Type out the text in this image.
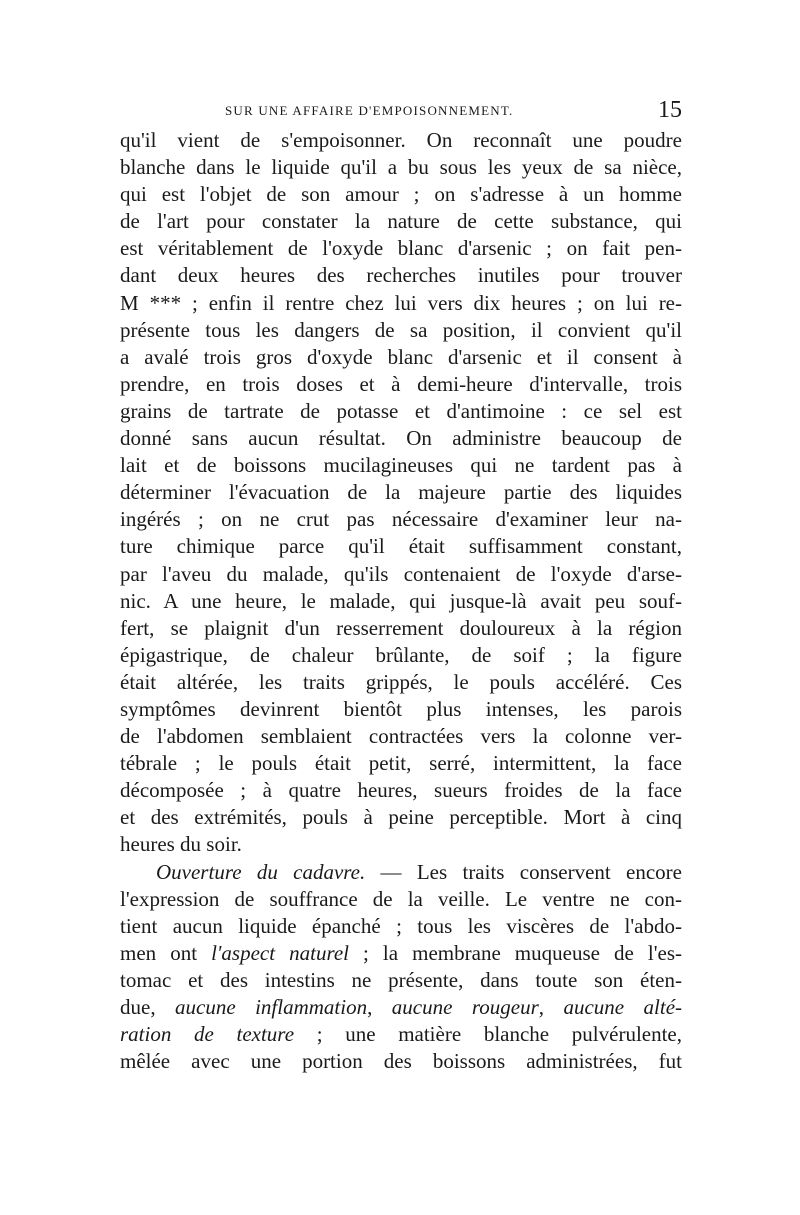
SUR UNE AFFAIRE D'EMPOISONNEMENT.	15
qu'il vient de s'empoisonner. On reconnaît une poudre
blanche dans le liquide qu'il a bu sous les yeux de sa nièce,
qui est l'objet de son amour ; on s'adresse à un homme
de l'art pour constater la nature de cette substance, qui
est véritablement de l'oxyde blanc d'arsenic ; on fait pen-
dant deux heures des recherches inutiles pour trouver
M *** ; enfin il rentre chez lui vers dix heures ; on lui re-
présente tous les dangers de sa position, il convient qu'il
a avalé trois gros d'oxyde blanc d'arsenic et il consent à
prendre, en trois doses et à demi-heure d'intervalle, trois
grains de tartrate de potasse et d'antimoine : ce sel est
donné sans aucun résultat. On administre beaucoup de
lait et de boissons mucilagineuses qui ne tardent pas à
déterminer l'évacuation de la majeure partie des liquides
ingérés ; on ne crut pas nécessaire d'examiner leur na-
ture chimique parce qu'il était suffisamment constant,
par l'aveu du malade, qu'ils contenaient de l'oxyde d'arse-
nic. A une heure, le malade, qui jusque-là avait peu souf-
fert, se plaignit d'un resserrement douloureux à la région
épigastrique, de chaleur brûlante, de soif ; la figure
était altérée, les traits grippés, le pouls accéléré. Ces
symptômes devinrent bientôt plus intenses, les parois
de l'abdomen semblaient contractées vers la colonne ver-
tébrale ; le pouls était petit, serré, intermittent, la face
décomposée ; à quatre heures, sueurs froides de la face
et des extrémités, pouls à peine perceptible. Mort à cinq
heures du soir.
Ouverture du cadavre. — Les traits conservent encore
l'expression de souffrance de la veille. Le ventre ne con-
tient aucun liquide épanché ; tous les viscères de l'abdo-
men ont l'aspect naturel ; la membrane muqueuse de l'es-
tomac et des intestins ne présente, dans toute son éten-
due, aucune inflammation, aucune rougeur, aucune alté-
ration de texture ; une matière blanche pulvérulente,
mêlée avec une portion des boissons administrées, fut
